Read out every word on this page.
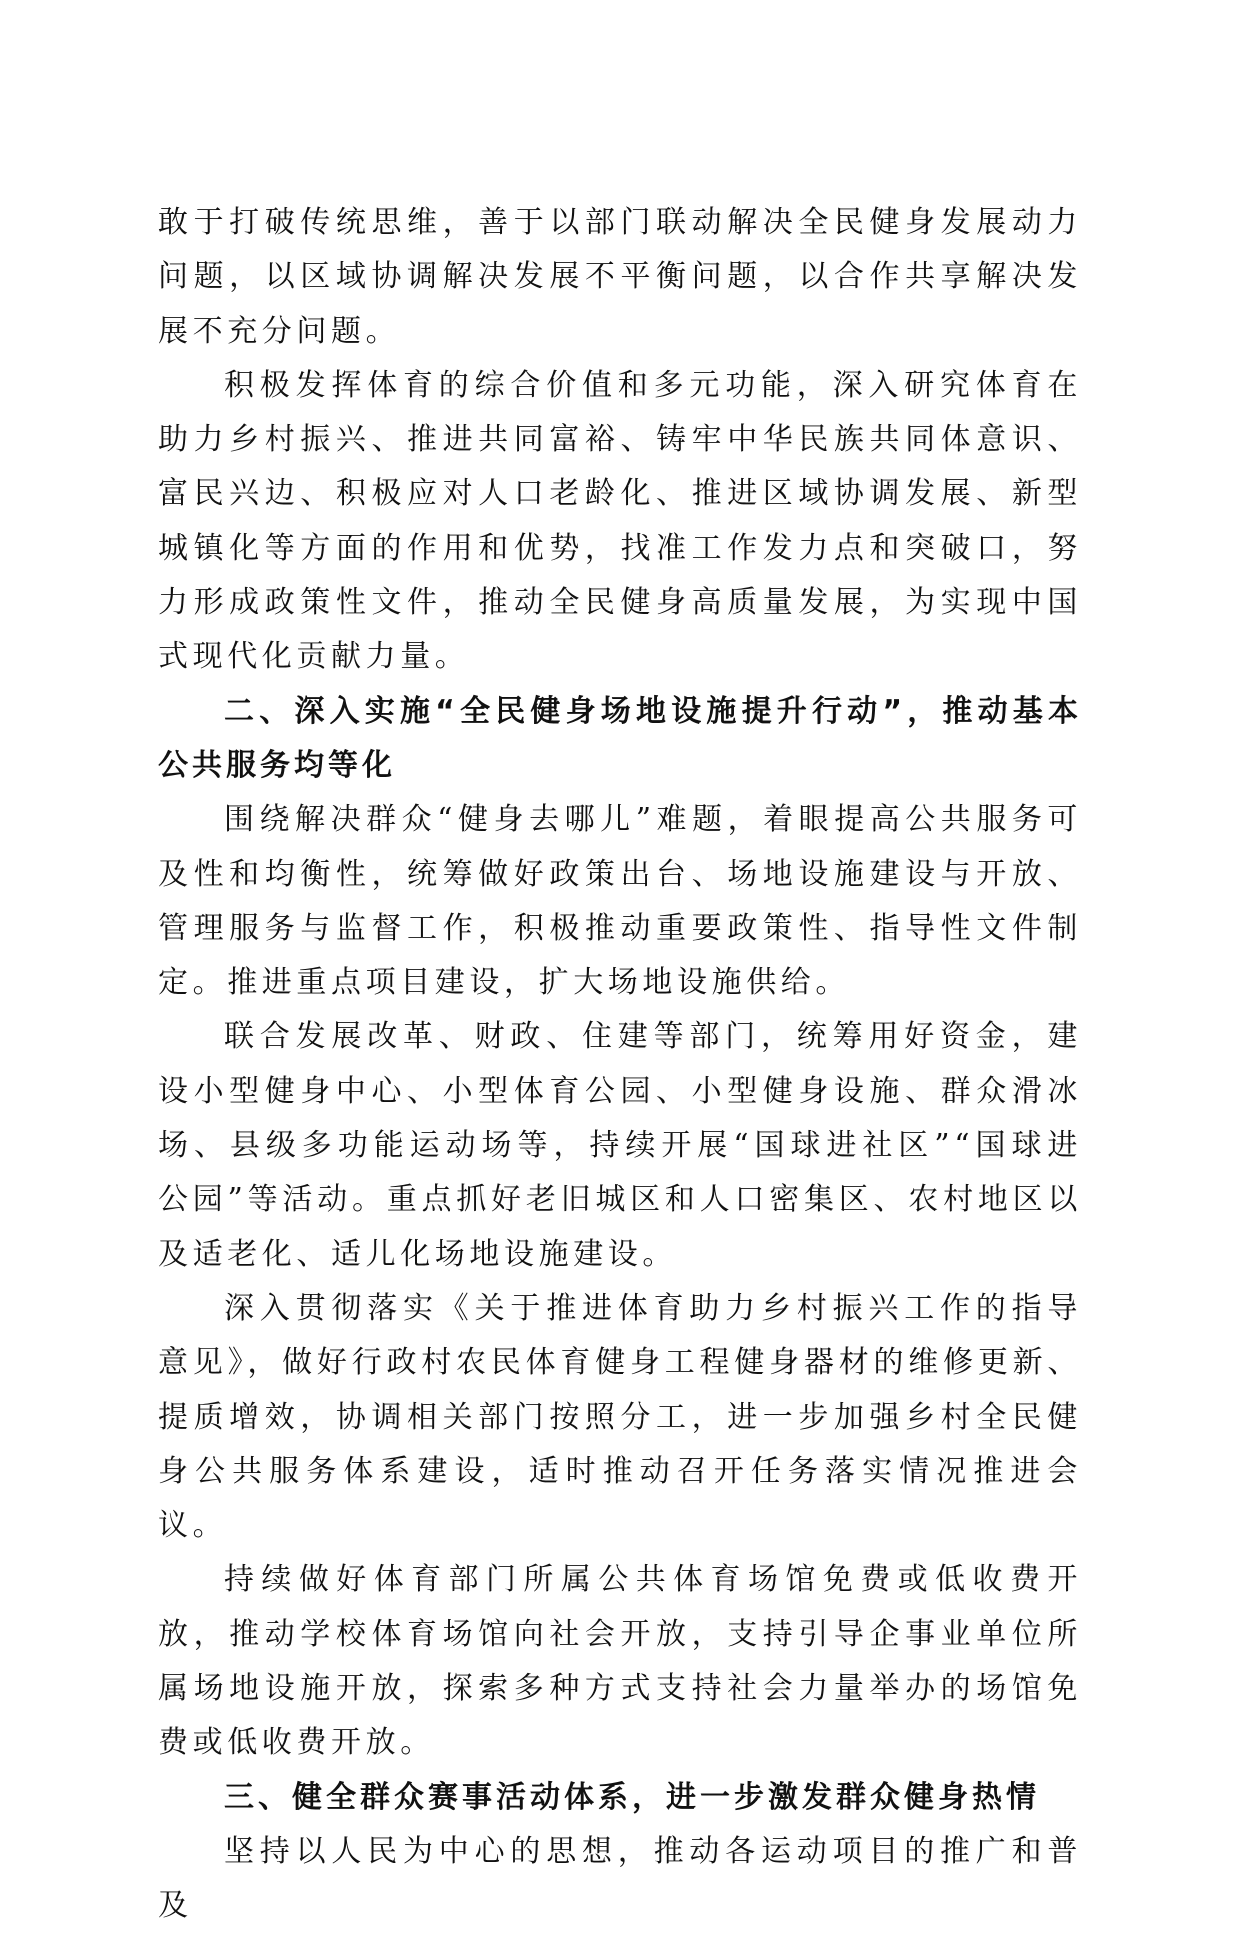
敢于打破传统思维，善于以部门联动解决全民健身发展动力问题，以区域协调解决发展不平衡问题，以合作共享解决发展不充分问题。

积极发挥体育的综合价值和多元功能，深入研究体育在助力乡村振兴、推进共同富裕、铸牢中华民族共同体意识、富民兴边、积极应对人口老龄化、推进区域协调发展、新型城镇化等方面的作用和优势，找准工作发力点和突破口，努力形成政策性文件，推动全民健身高质量发展，为实现中国式现代化贡献力量。

二、深入实施“全民健身场地设施提升行动”，推动基本公共服务均等化

围绕解决群众“健身去哪儿”难题，着眼提高公共服务可及性和均衡性，统筹做好政策出台、场地设施建设与开放、管理服务与监督工作，积极推动重要政策性、指导性文件制定。推进重点项目建设，扩大场地设施供给。

联合发展改革、财政、住建等部门，统筹用好资金，建设小型健身中心、小型体育公园、小型健身设施、群众滑冰场、县级多功能运动场等，持续开展“国球进社区”“国球进公园”等活动。重点抓好老旧城区和人口密集区、农村地区以及适老化、适儿化场地设施建设。

深入贯彻落实《关于推进体育助力乡村振兴工作的指导意见》，做好行政村农民体育健身工程健身器材的维修更新、提质增效，协调相关部门按照分工，进一步加强乡村全民健身公共服务体系建设，适时推动召开任务落实情况推进会议。

持续做好体育部门所属公共体育场馆免费或低收费开放，推动学校体育场馆向社会开放，支持引导企事业单位所属场地设施开放，探索多种方式支持社会力量举办的场馆免费或低收费开放。

三、健全群众赛事活动体系，进一步激发群众健身热情

坚持以人民为中心的思想，推动各运动项目的推广和普及
